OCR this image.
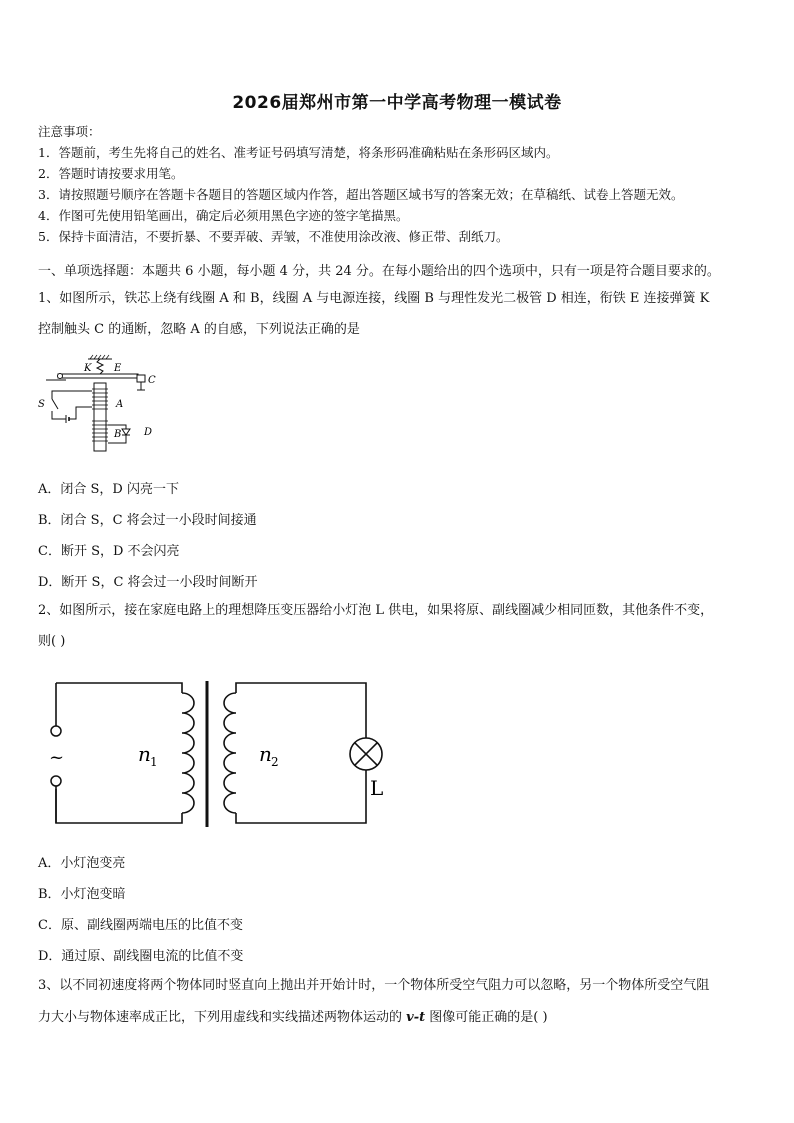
2026届郑州市第一中学高考物理一模试卷
注意事项：
1．答题前，考生先将自己的姓名、准考证号码填写清楚，将条形码准确粘贴在条形码区域内。
2．答题时请按要求用笔。
3．请按照题号顺序在答题卡各题目的答题区域内作答，超出答题区域书写的答案无效；在草稿纸、试卷上答题无效。
4．作图可先使用铅笔画出，确定后必须用黑色字迹的签字笔描黑。
5．保持卡面清洁，不要折暴、不要弄破、弄皱，不准使用涂改液、修正带、刮纸刀。
一、单项选择题：本题共 6 小题，每小题 4 分，共 24 分。在每小题给出的四个选项中，只有一项是符合题目要求的。
1、如图所示，铁芯上绕有线圈 A 和 B，线圈 A 与电源连接，线圈 B 与理性发光二极管 D 相连，衔铁 E 连接弹簧 K
控制触头 C 的通断，忽略 A 的自感，下列说法正确的是
K E
C
S	A
B D
A．闭合 S，D 闪亮一下
B．闭合 S，C 将会过一小段时间接通
C．断开 S，D 不会闪亮
D．断开 S，C 将会过一小段时间断开
2、如图所示，接在家庭电路上的理想降压变压器给小灯泡 L 供电，如果将原、副线圈减少相同匝数，其他条件不变，
则( )
~
L
n 1	n 2
A．小灯泡变亮
B．小灯泡变暗
C．原、副线圈两端电压的比值不变
D．通过原、副线圈电流的比值不变
3、以不同初速度将两个物体同时竖直向上抛出并开始计时，一个物体所受空气阻力可以忽略，另一个物体所受空气阻
力大小与物体速率成正比，下列用虚线和实线描述两物体运动的 v-t 图像可能正确的是( )
